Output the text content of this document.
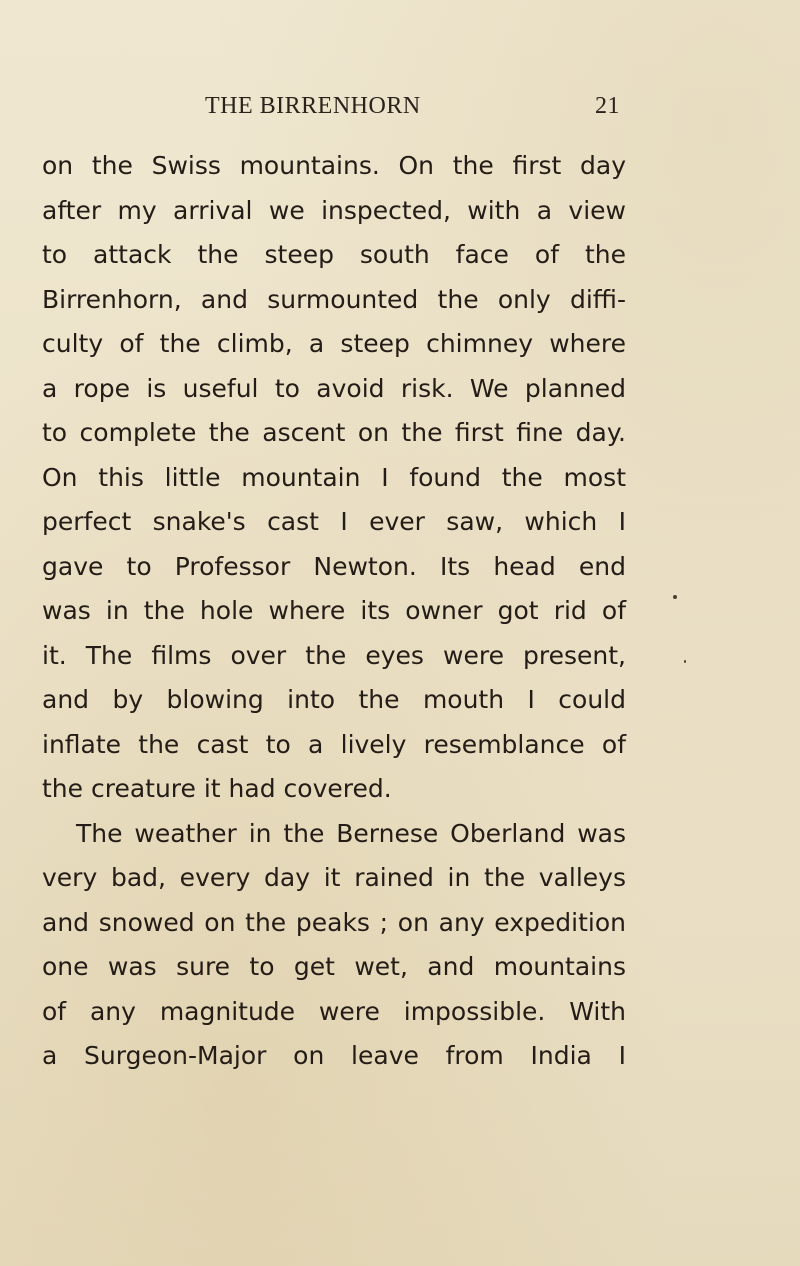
THE BIRRENHORN	21
on the Swiss mountains. On the first day
after my arrival we inspected, with a view
to attack the steep south face of the
Birrenhorn, and surmounted the only diffi-
culty of the climb, a steep chimney where
a rope is useful to avoid risk. We planned
to complete the ascent on the first fine day.
On this little mountain I found the most
perfect snake's cast I ever saw, which I
gave to Professor Newton. Its head end
was in the hole where its owner got rid of
it. The films over the eyes were present,
and by blowing into the mouth I could
inflate the cast to a lively resemblance of
the creature it had covered.
The weather in the Bernese Oberland was
very bad, every day it rained in the valleys
and snowed on the peaks ; on any expedition
one was sure to get wet, and mountains
of any magnitude were impossible. With
a Surgeon-Major on leave from India I
